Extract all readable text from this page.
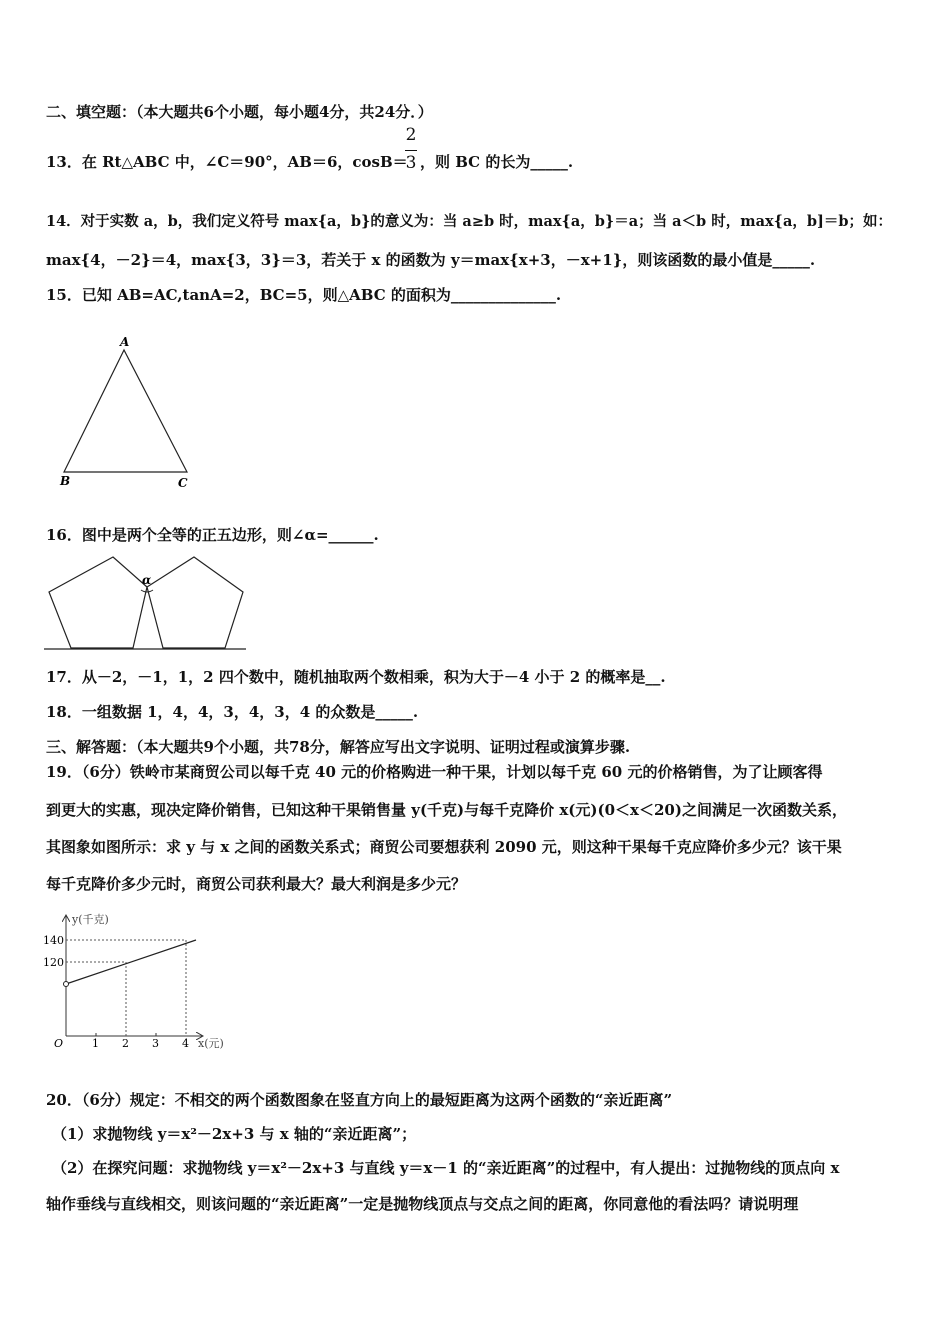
二、填空题：（本大题共6个小题，每小题4分，共24分．）
13．在 Rt△ABC 中，∠C＝90°，AB＝6，cosB＝
2
3 ，则 BC 的长为_____.
14．对于实数 a，b，我们定义符号 max{a，b}的意义为：当 a≥b 时，max{a，b}＝a；当 a＜b 时，max{a，b]＝b；如：
max{4，－2}＝4，max{3，3}＝3，若关于 x 的函数为 y＝max{x+3，－x+1}，则该函数的最小值是_____.
15．已知 AB=AC,tanA=2，BC=5，则△ABC 的面积为______________.
A
B	C
16．图中是两个全等的正五边形，则∠α=______.
α
17．从－2，－1，1，2 四个数中，随机抽取两个数相乘，积为大于－4 小于 2 的概率是__.
18．一组数据 1，4，4，3，4，3，4 的众数是_____.
三、解答题：（本大题共9个小题，共78分，解答应写出文字说明、证明过程或演算步骤.
19．（6分）铁岭市某商贸公司以每千克 40 元的价格购进一种干果，计划以每千克 60 元的价格销售，为了让顾客得
到更大的实惠，现决定降价销售，已知这种干果销售量 y(千克)与每千克降价 x(元)(0＜x＜20)之间满足一次函数关系，
其图象如图所示：求 y 与 x 之间的函数关系式；商贸公司要想获利 2090 元，则这种干果每千克应降价多少元？该干果
每千克降价多少元时，商贸公司获利最大？最大利润是多少元？
y(千克)
x(元)
O
140
120
1 2 3 4
20．（6分）规定：不相交的两个函数图象在竖直方向上的最短距离为这两个函数的“亲近距离”
（1）求抛物线 y＝x²－2x+3 与 x 轴的“亲近距离”；
（2）在探究问题：求抛物线 y＝x²－2x+3 与直线 y＝x－1 的“亲近距离”的过程中，有人提出：过抛物线的顶点向 x
轴作垂线与直线相交，则该问题的“亲近距离”一定是抛物线顶点与交点之间的距离，你同意他的看法吗？请说明理
